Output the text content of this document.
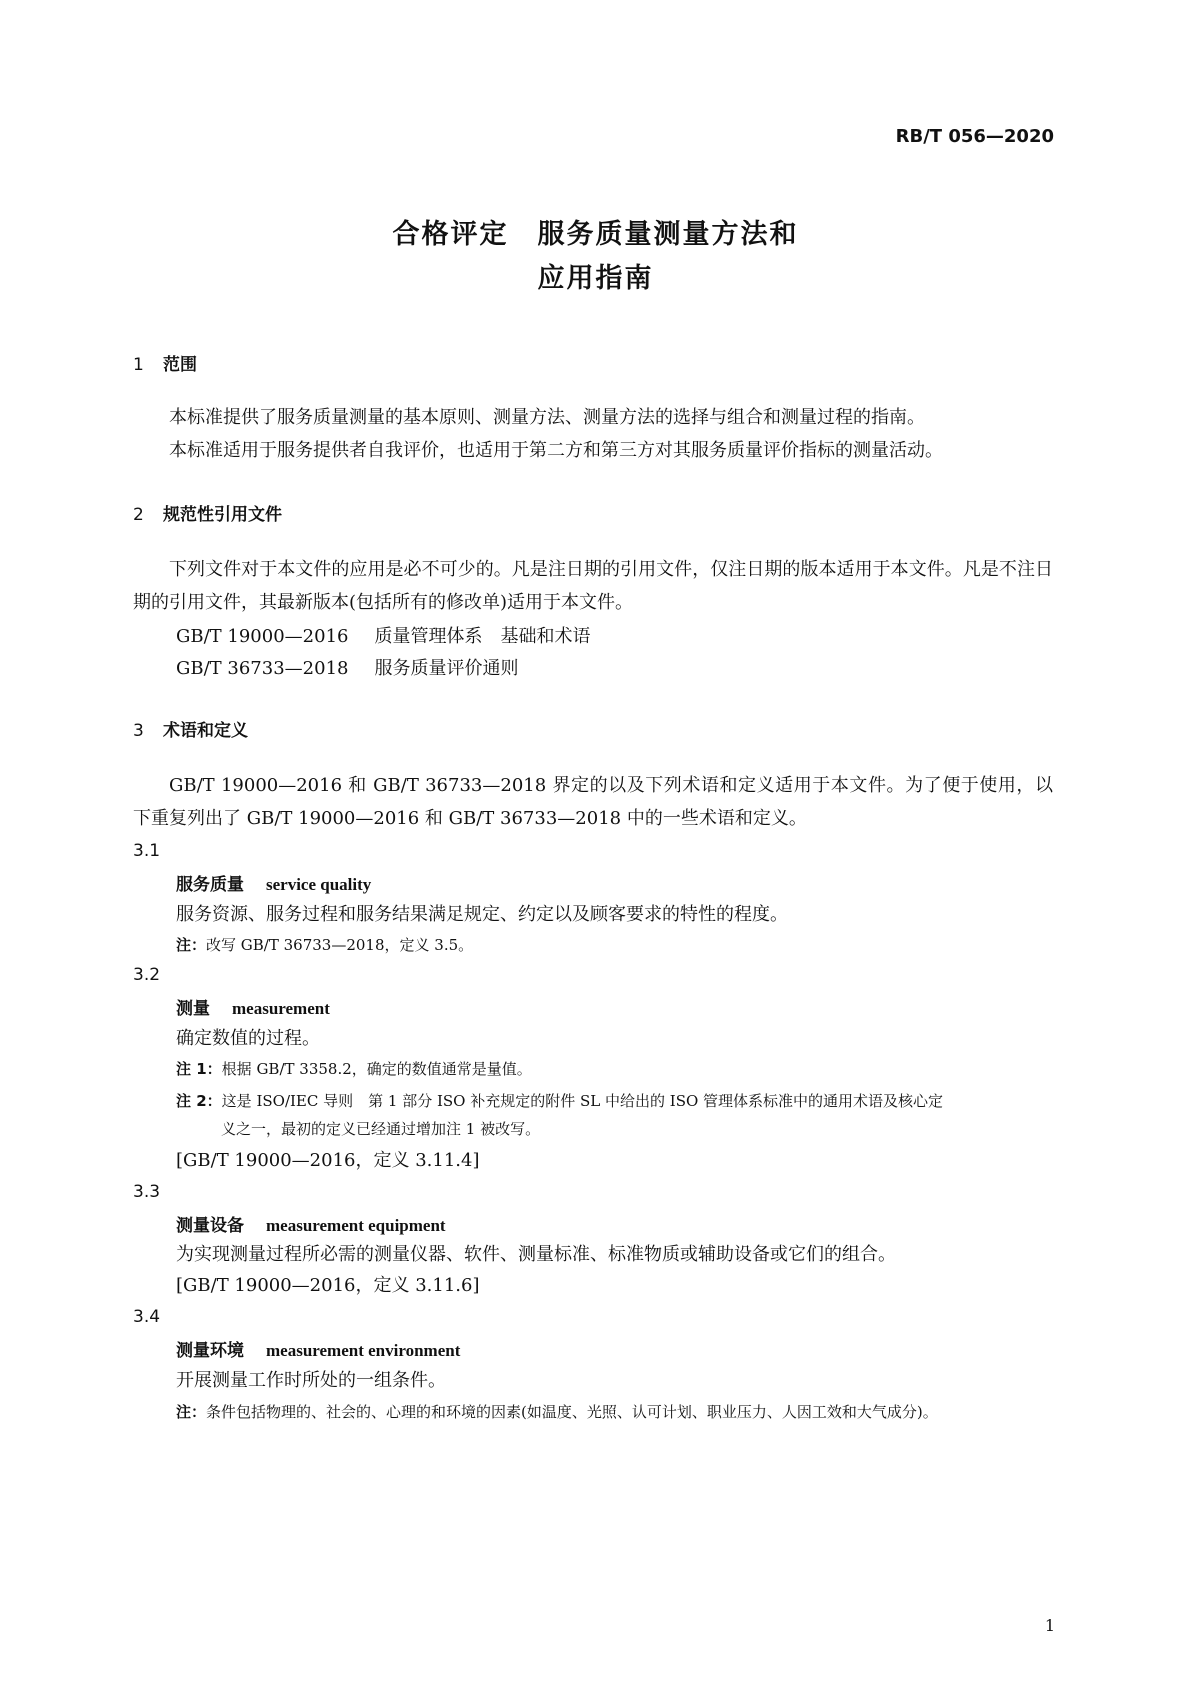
RB/T 056—2020
合格评定　服务质量测量方法和
应用指南
1 范围
本标准提供了服务质量测量的基本原则、测量方法、测量方法的选择与组合和测量过程的指南。
本标准适用于服务提供者自我评价，也适用于第二方和第三方对其服务质量评价指标的测量活动。
2 规范性引用文件
下列文件对于本文件的应用是必不可少的。凡是注日期的引用文件，仅注日期的版本适用于本文件。凡是不注日期的引用文件，其最新版本(包括所有的修改单)适用于本文件。
GB/T 19000—2016 质量管理体系　基础和术语
GB/T 36733—2018 服务质量评价通则
3 术语和定义
GB/T 19000—2016 和 GB/T 36733—2018 界定的以及下列术语和定义适用于本文件。为了便于使用，以下重复列出了 GB/T 19000—2016 和 GB/T 36733—2018 中的一些术语和定义。
3.1
服务质量 service quality
服务资源、服务过程和服务结果满足规定、约定以及顾客要求的特性的程度。
注：改写 GB/T 36733—2018，定义 3.5。
3.2
测量 measurement
确定数值的过程。
注 1：根据 GB/T 3358.2，确定的数值通常是量值。
注 2：这是 ISO/IEC 导则　第 1 部分 ISO 补充规定的附件 SL 中给出的 ISO 管理体系标准中的通用术语及核心定
义之一，最初的定义已经通过增加注 1 被改写。
[GB/T 19000—2016，定义 3.11.4]
3.3
测量设备 measurement equipment
为实现测量过程所必需的测量仪器、软件、测量标准、标准物质或辅助设备或它们的组合。
[GB/T 19000—2016，定义 3.11.6]
3.4
测量环境 measurement environment
开展测量工作时所处的一组条件。
注：条件包括物理的、社会的、心理的和环境的因素(如温度、光照、认可计划、职业压力、人因工效和大气成分)。
1
